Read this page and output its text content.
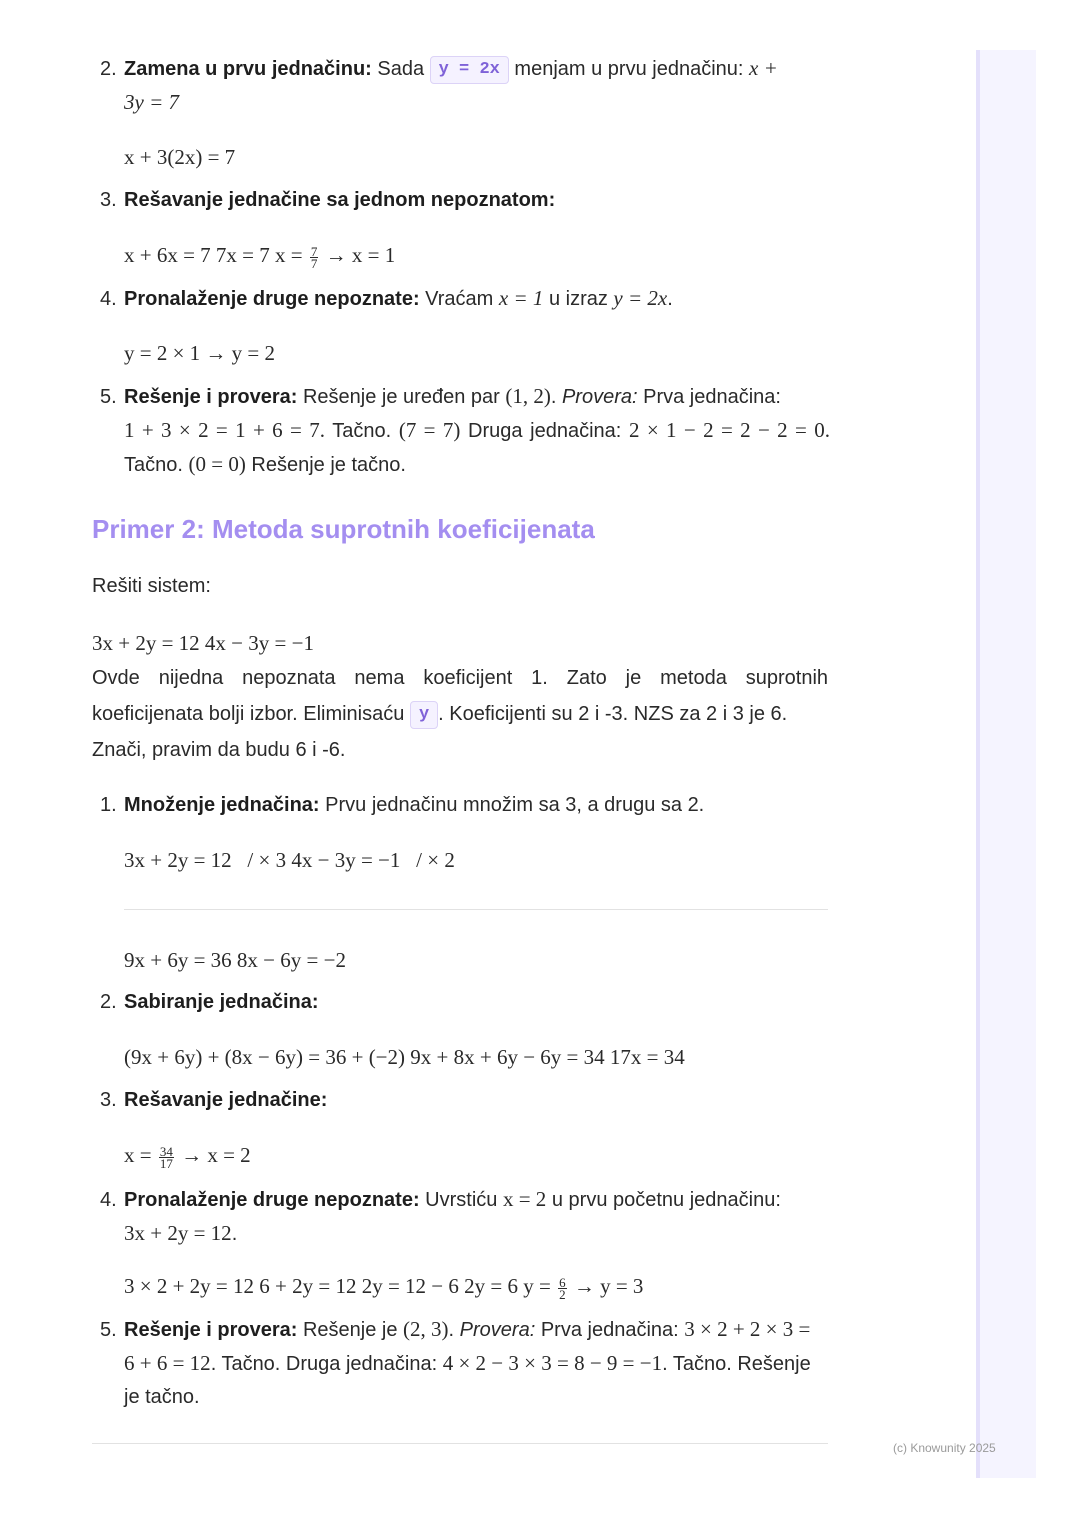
2. Zamena u prvu jednačinu: Sada y = 2x menjam u prvu jednačinu: x +
3y = 7
x + 3(2x) = 7
3. Rešavanje jednačine sa jednom nepoznatom:
x + 6x = 7 7x = 7 $x = \frac{7}{7} \to x = 1$
4. Pronalaženje druge nepoznate: Vraćam x = 1 u izraz y = 2x.
y = 2 × 1 → y = 2
5. Rešenje i provera: Rešenje je uređen par (1, 2). Provera: Prva jednačina:
1 + 3 × 2 = 1 + 6 = 7. Tačno. (7 = 7) Druga jednačina: 2 × 1 − 2 = 2 − 2 = 0.
Tačno. (0 = 0) Rešenje je tačno.
Primer 2: Metoda suprotnih koeficijenata
Rešiti sistem:
3x + 2y = 12 4x − 3y = −1
Ovde nijedna nepoznata nema koeficijent 1. Zato je metoda suprotnih
koeficijenata bolji izbor. Eliminisaću y . Koeficijenti su 2 i -3. NZS za 2 i 3 je 6.
Znači, pravim da budu 6 i -6.
1. Množenje jednačina: Prvu jednačinu množim sa 3, a drugu sa 2.
3x + 2y = 12   / × 3 4x − 3y = −1   / × 2
9x + 6y = 36 8x − 6y = −2
2. Sabiranje jednačina:
(9x + 6y) + (8x − 6y) = 36 + (−2) 9x + 8x + 6y − 6y = 34 17x = 34
3. Rešavanje jednačine:
$x = \frac{34}{17} \to x = 2$
4. Pronalaženje druge nepoznate: Uvrstiću x = 2 u prvu početnu jednačinu:
3x + 2y = 12.
3 × 2 + 2y = 12 6 + 2y = 12 2y = 12 − 6 2y = 6 $y = \frac{6}{2} \to y = 3$
5. Rešenje i provera: Rešenje je (2, 3). Provera: Prva jednačina: 3 × 2 + 2 × 3 =
6 + 6 = 12. Tačno. Druga jednačina: 4 × 2 − 3 × 3 = 8 − 9 = −1. Tačno. Rešenje
je tačno.
(c) Knowunity 2025
